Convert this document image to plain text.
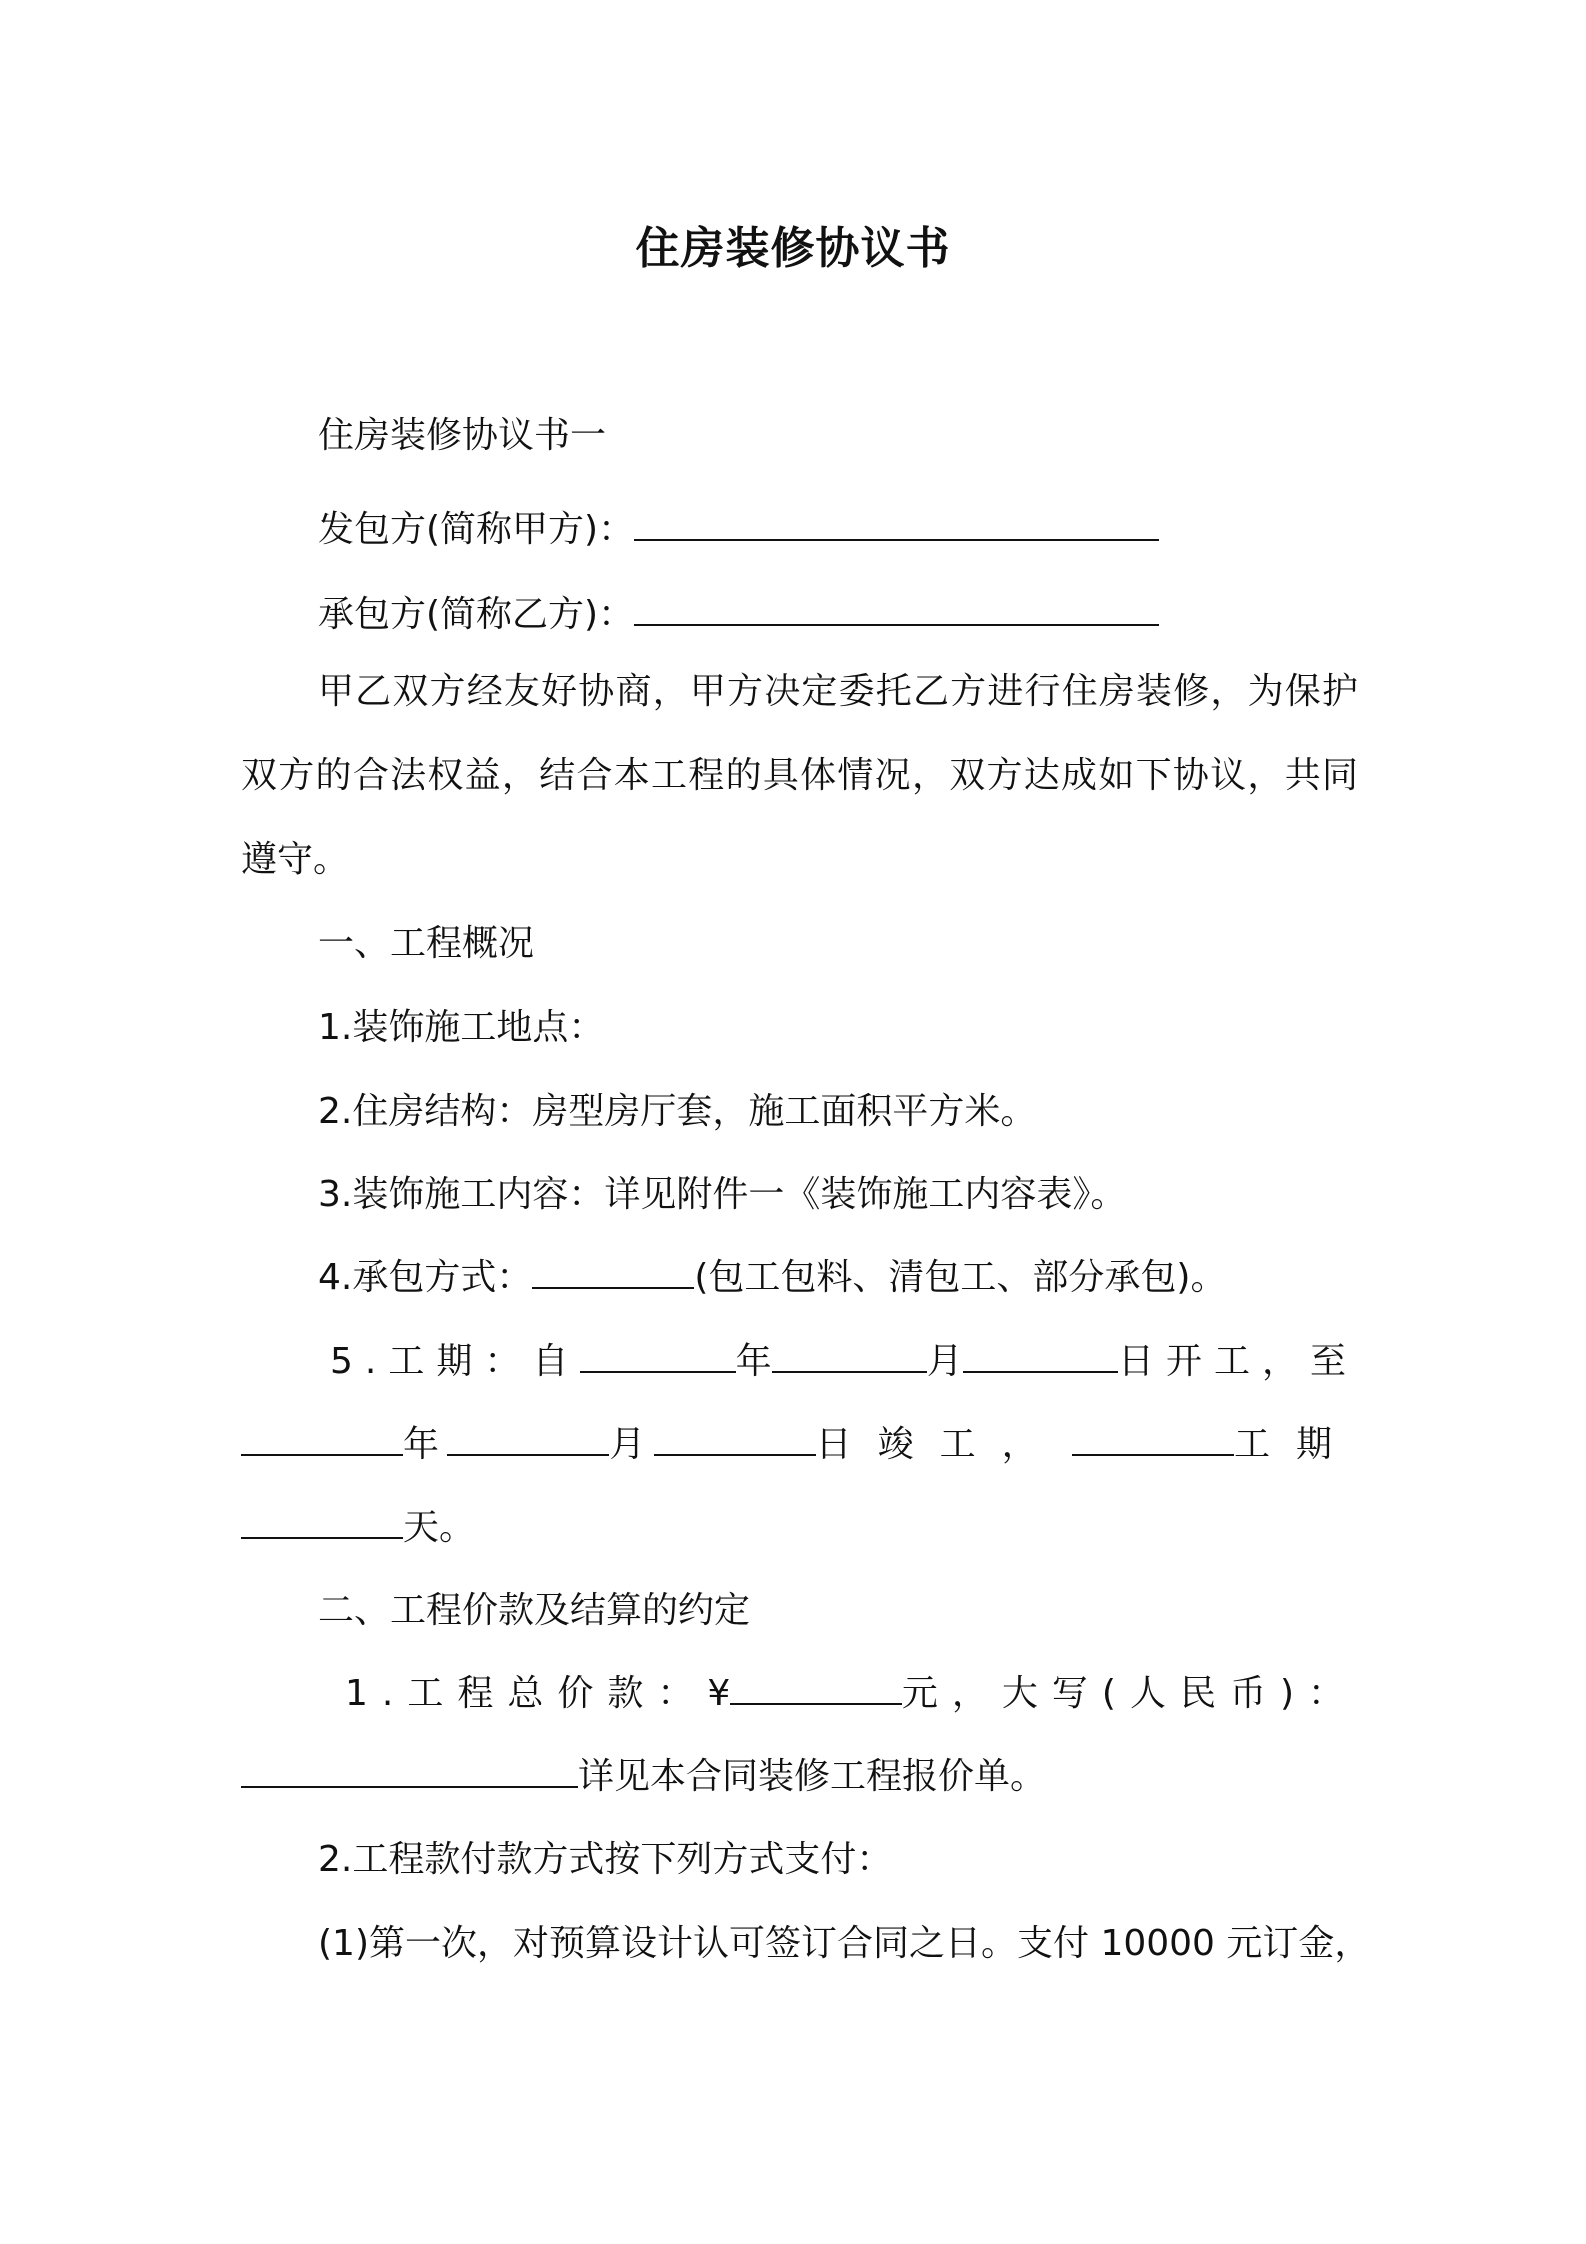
住房装修协议书
住房装修协议书一
发包方(简称甲方)：
承包方(简称乙方)：
甲乙双方经友好协商，甲方决定委托乙方进行住房装修，为保护
双方的合法权益，结合本工程的具体情况，双方达成如下协议，共同
遵守。
一、工程概况
1.装饰施工地点：
2.住房结构：房型房厅套，施工面积平方米。
3.装饰施工内容：详见附件一《装饰施工内容表》。
4.承包方式：	(包工包料、清包工、部分承包)。
5.工期：自	年	月	日开工，至
年	月	日竣工，	工期
天。
二、工程价款及结算的约定
1.工程总价款： ¥	元， 大写(人民币)：
详见本合同装修工程报价单。
2.工程款付款方式按下列方式支付：
(1)第一次，对预算设计认可签订合同之日。支付 10000 元订金，
